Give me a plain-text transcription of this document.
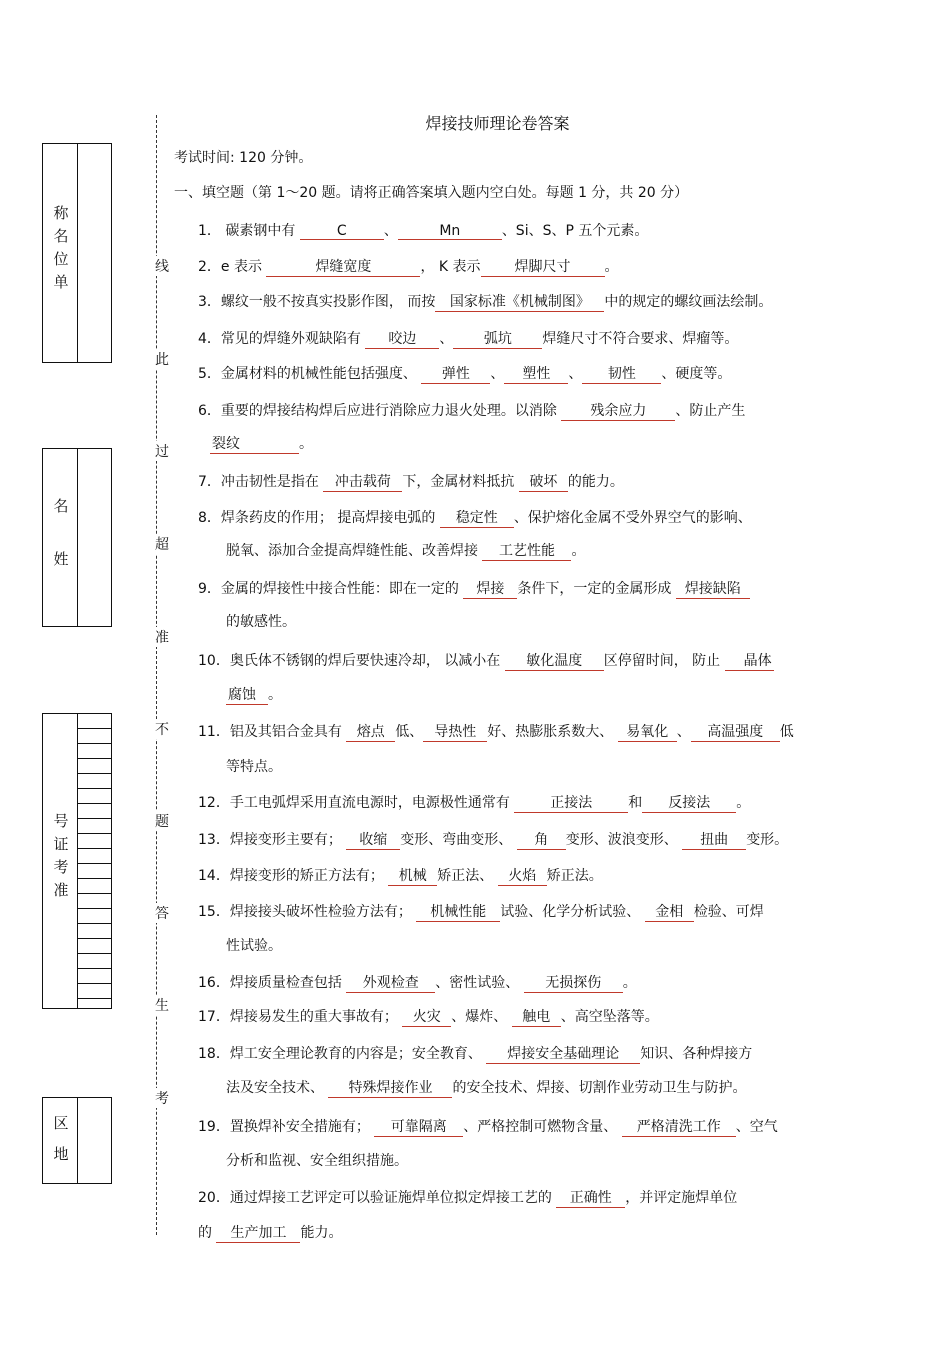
称
名
位
单
名
姓
号
证
考
准
区
地
线
此
过
超
准
不
题
答
生
考
焊接技师理论卷答案
考试时间: 120 分钟。
一、填空题（第 1～20 题。请将正确答案填入题内空白处。每题 1 分，共 20 分）
1． 碳素钢中有	C	、	Mn	、Si、S、P 五个元素。
2．e 表示	焊缝宽度	， K 表示 焊脚尺寸 。
3．螺纹一般不按真实投影作图， 而按 国家标准《机械制图》 中的规定的螺纹画法绘制。
4．常见的焊缝外观缺陷有 咬边 、 弧坑 焊缝尺寸不符合要求、焊瘤等。
5．金属材料的机械性能包括强度、 弹性 、 塑性 、 韧性 、硬度等。
6．重要的焊接结构焊后应进行消除应力退火处理。以消除 残余应力 、防止产生
裂纹	。
7．冲击韧性是指在 冲击载荷 下，金属材料抵抗 破坏 的能力。
8．焊条药皮的作用； 提高焊接电弧的 稳定性 、保护熔化金属不受外界空气的影响、
脱氧、添加合金提高焊缝性能、改善焊接 工艺性能 。
9．金属的焊接性中接合性能：即在一定的 焊接 条件下，一定的金属形成 焊接缺陷
的敏感性。
10．奥氏体不锈钢的焊后要快速冷却， 以减小在 敏化温度 区停留时间， 防止 晶体
腐蚀 。
11．铝及其铝合金具有 熔点 低、 导热性 好、热膨胀系数大、 易氧化 、 高温强度 低
等特点。
12．手工电弧焊采用直流电源时，电源极性通常有	正接法	和 反接法 。
13．焊接变形主要有； 收缩 变形、弯曲变形、 角 变形、波浪变形、 扭曲 变形。
14．焊接变形的矫正方法有； 机械 矫正法、 火焰 矫正法。
15．焊接接头破坏性检验方法有； 机械性能 试验、化学分析试验、 金相 检验、可焊
性试验。
16．焊接质量检查包括 外观检查 、密性试验、 无损探伤 。
17．焊接易发生的重大事故有； 火灾 、爆炸、 触电 、高空坠落等。
18．焊工安全理论教育的内容是；安全教育、 焊接安全基础理论 知识、各种焊接方
法及安全技术、 特殊焊接作业 的安全技术、焊接、切割作业劳动卫生与防护。
19．置换焊补安全措施有； 可靠隔离 、严格控制可燃物含量、 严格清洗工作 、空气
分析和监视、安全组织措施。
20．通过焊接工艺评定可以验证施焊单位拟定焊接工艺的 正确性 ，并评定施焊单位
的 生产加工 能力。
